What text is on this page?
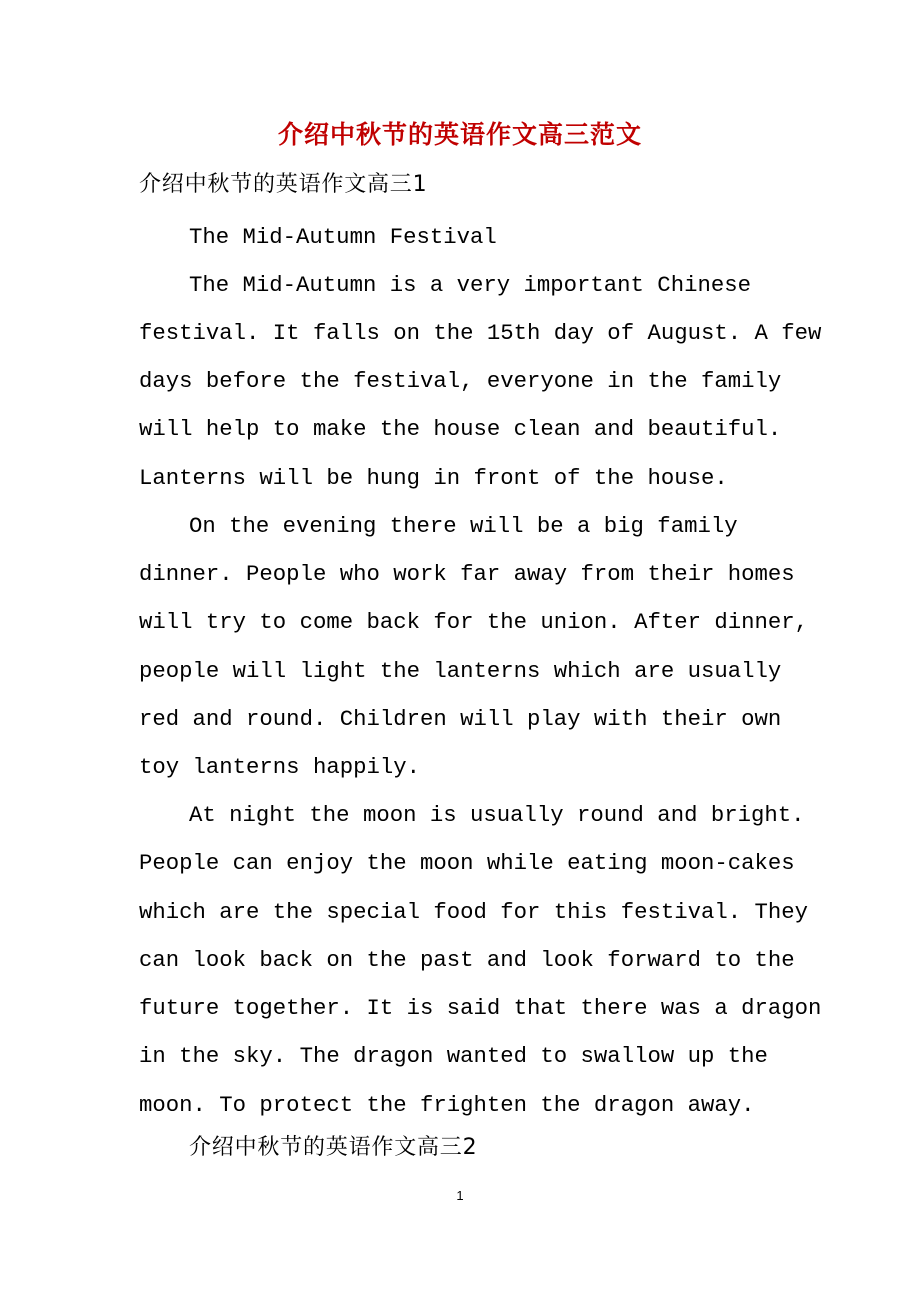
介绍中秋节的英语作文高三范文
介绍中秋节的英语作文高三1
The Mid-Autumn Festival
The Mid-Autumn is a very important Chinese
festival. It falls on the 15th day of August. A few
days before the festival, everyone in the family
will help to make the house clean and beautiful.
Lanterns will be hung in front of the house.
On the evening there will be a big family
dinner. People who work far away from their homes
will try to come back for the union. After dinner,
people will light the lanterns which are usually
red and round. Children will play with their own
toy lanterns happily.
At night the moon is usually round and bright.
People can enjoy the moon while eating moon-cakes
which are the special food for this festival. They
can look back on the past and look forward to the
future together. It is said that there was a dragon
in the sky. The dragon wanted to swallow up the
moon. To protect the frighten the dragon away.
介绍中秋节的英语作文高三2
1
